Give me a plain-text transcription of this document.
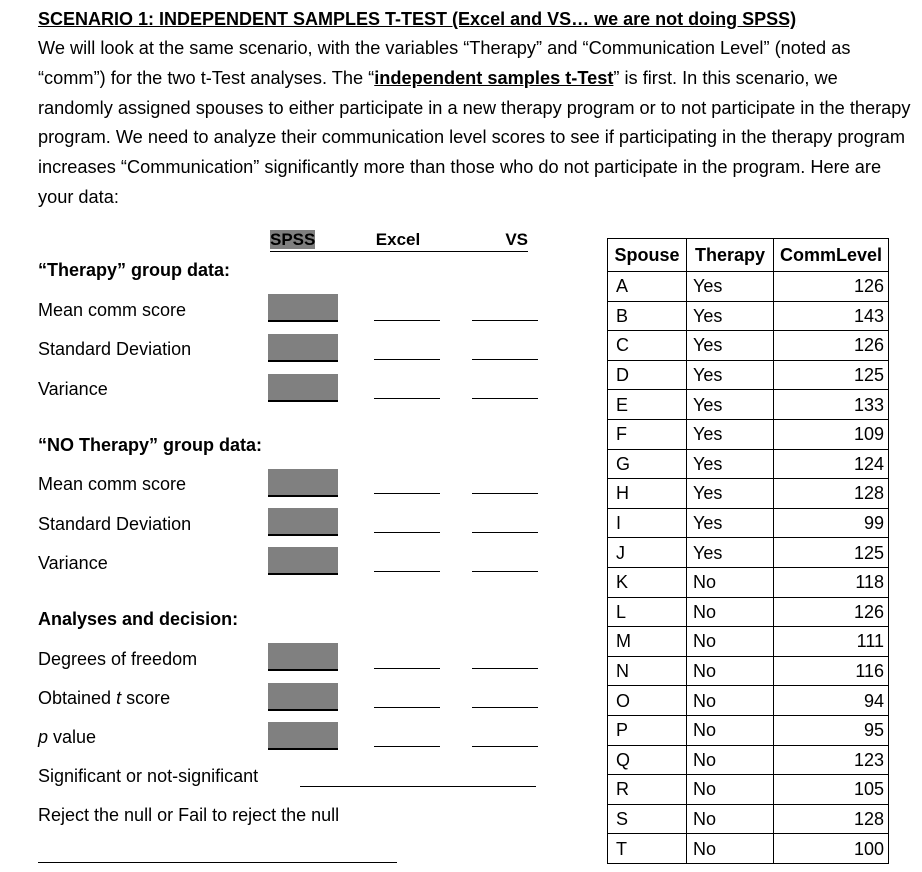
SCENARIO 1: INDEPENDENT SAMPLES T-TEST (Excel and VS… we are not doing SPSS)
We will look at the same scenario, with the variables “Therapy” and “Communication Level” (noted as “comm”) for the two t-Test analyses. The “independent samples t-Test” is first. In this scenario, we randomly assigned spouses to either participate in a new therapy program or to not participate in the therapy program. We need to analyze their communication level scores to see if participating in the therapy program increases “Communication” significantly more than those who do not participate in the program. Here are your data:
SPSS	Excel	VS
“Therapy” group data:
Mean comm score
Standard Deviation
Variance
“NO Therapy” group data:
Mean comm score
Standard Deviation
Variance
Analyses and decision:
Degrees of freedom
Obtained t score
p value
Significant or not-significant
Reject the null or Fail to reject the null
Spouse	Therapy	CommLevel
A	Yes	126
B	Yes	143
C	Yes	126
D	Yes	125
E	Yes	133
F	Yes	109
G	Yes	124
H	Yes	128
I	Yes	99
J	Yes	125
K	No	118
L	No	126
M	No	111
N	No	116
O	No	94
P	No	95
Q	No	123
R	No	105
S	No	128
T	No	100
